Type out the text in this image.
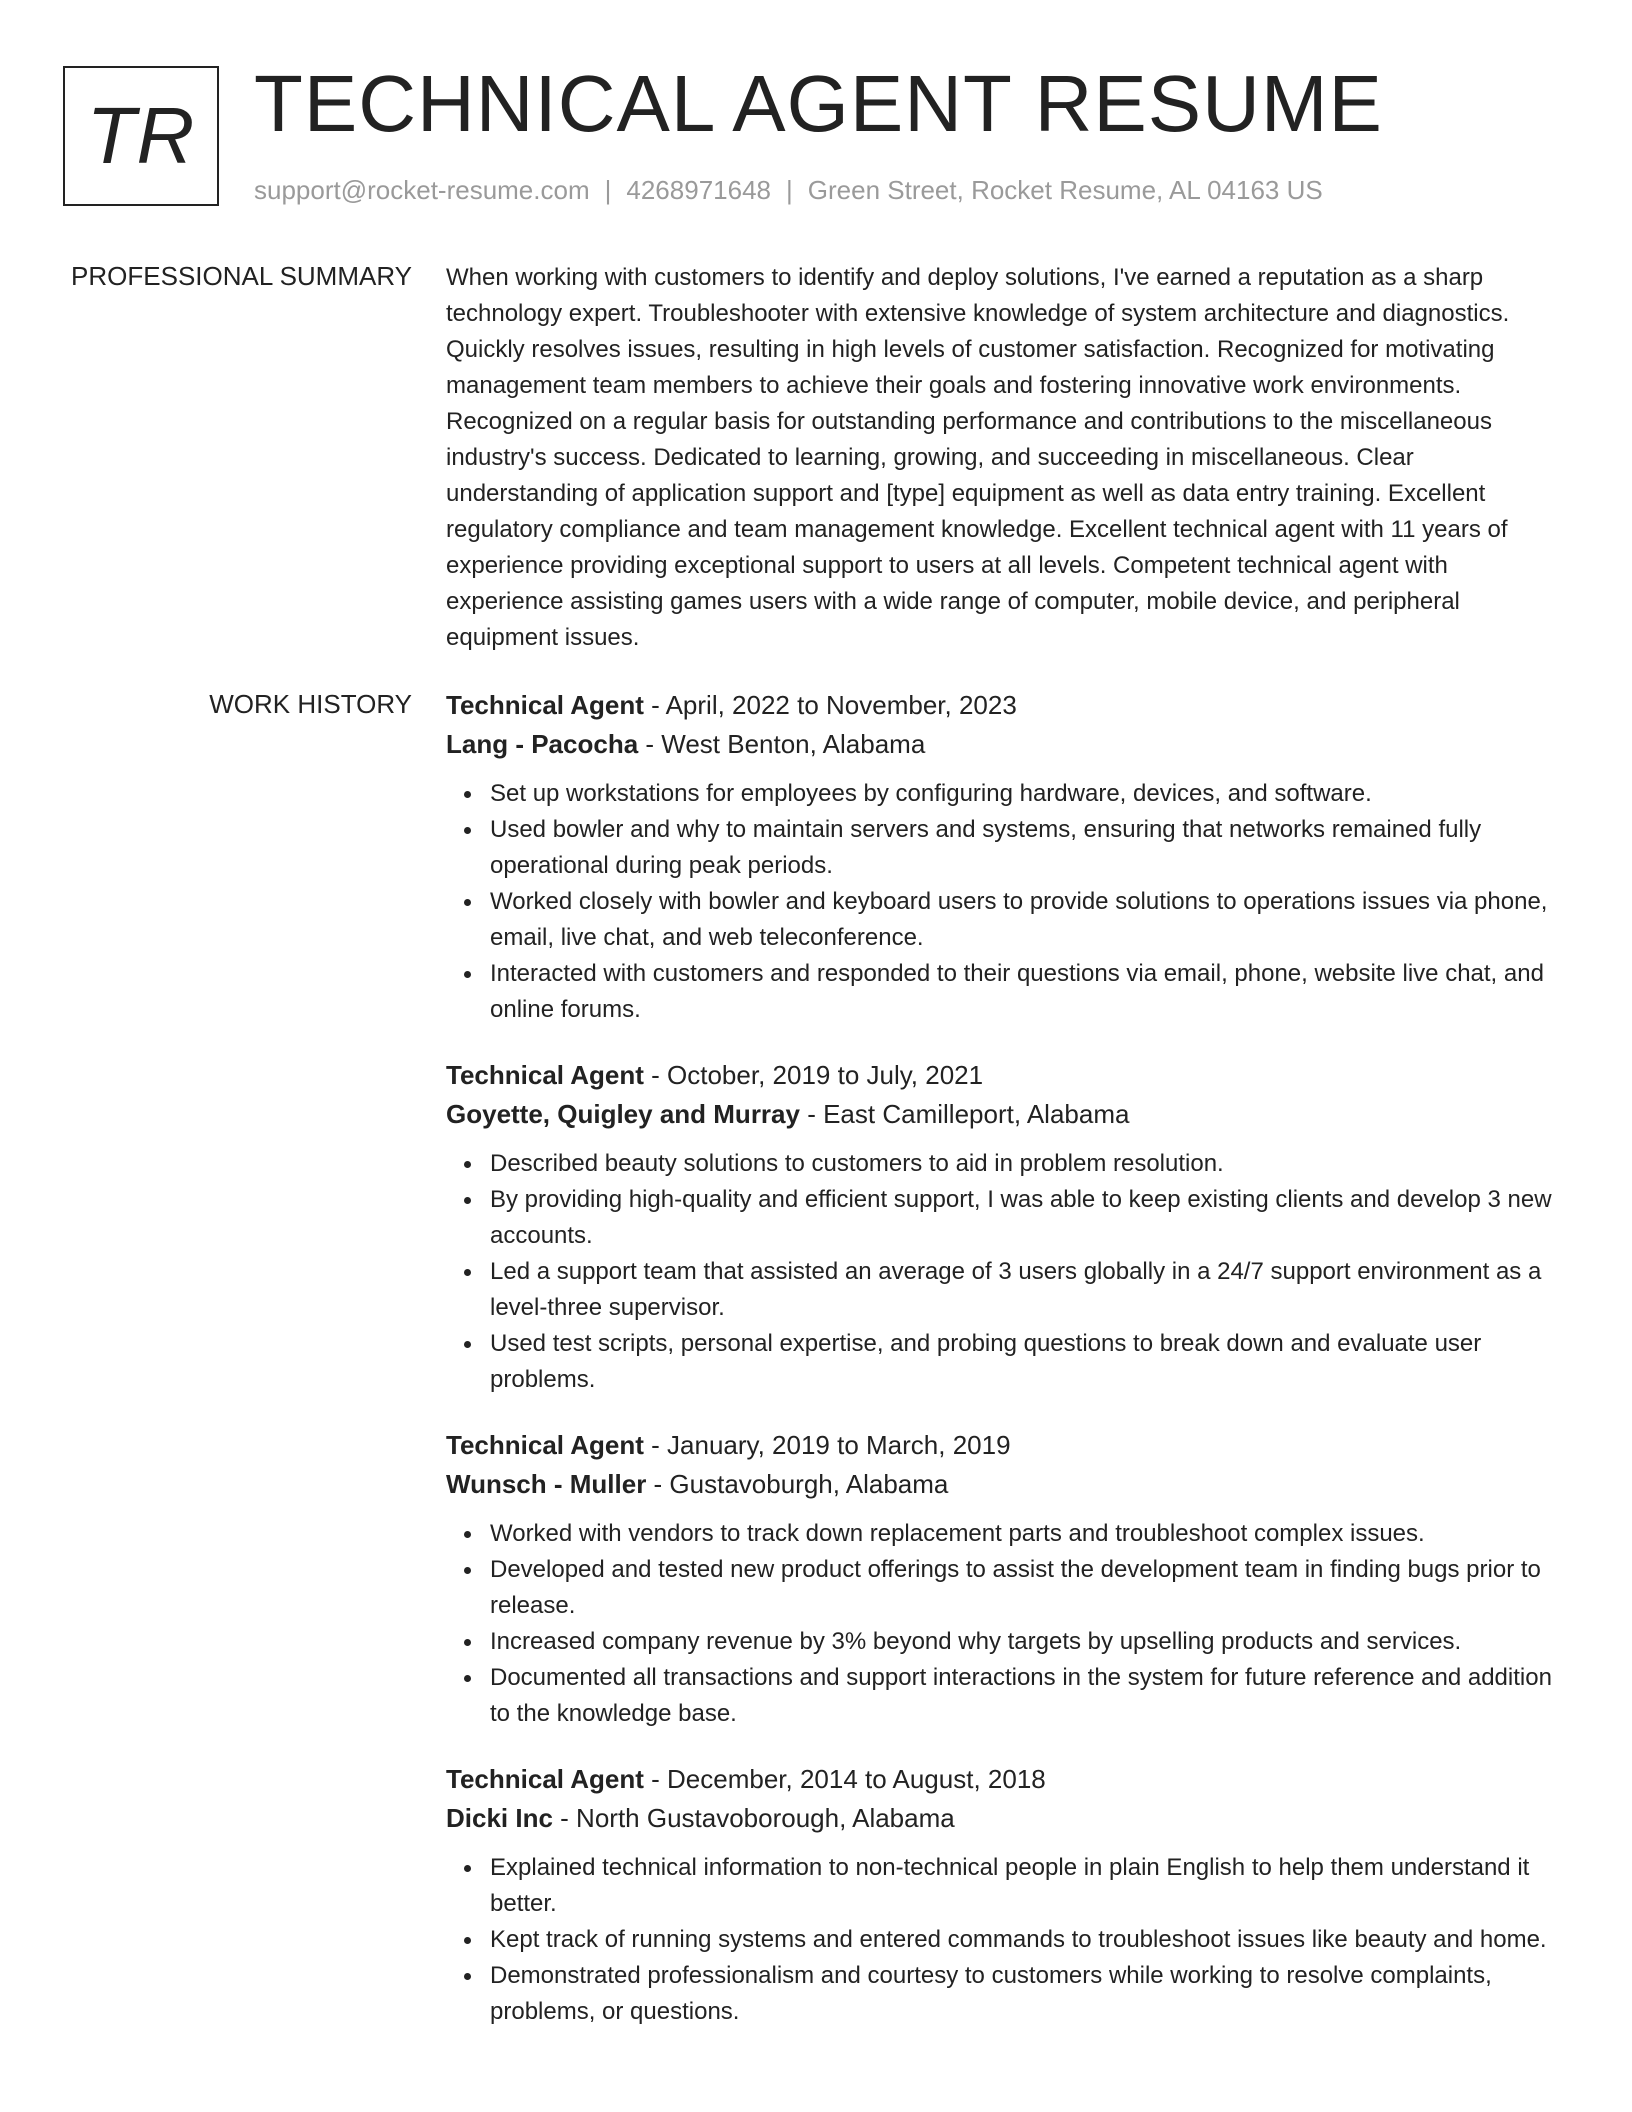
TR TECHNICAL AGENT RESUME
support@rocket-resume.com | 4268971648 | Green Street, Rocket Resume, AL 04163 US
PROFESSIONAL SUMMARY When working with customers to identify and deploy solutions, I've earned a reputation as a sharp technology expert. Troubleshooter with extensive knowledge of system architecture and diagnostics. Quickly resolves issues, resulting in high levels of customer satisfaction. Recognized for motivating management team members to achieve their goals and fostering innovative work environments. Recognized on a regular basis for outstanding performance and contributions to the miscellaneous industry's success. Dedicated to learning, growing, and succeeding in miscellaneous. Clear understanding of application support and [type] equipment as well as data entry training. Excellent regulatory compliance and team management knowledge. Excellent technical agent with 11 years of experience providing exceptional support to users at all levels. Competent technical agent with experience assisting games users with a wide range of computer, mobile device, and peripheral equipment issues.

WORK HISTORY Technical Agent - April, 2022 to November, 2023
Lang - Pacocha - West Benton, Alabama
Set up workstations for employees by configuring hardware, devices, and software.
Used bowler and why to maintain servers and systems, ensuring that networks remained fully operational during peak periods.
Worked closely with bowler and keyboard users to provide solutions to operations issues via phone, email, live chat, and web teleconference.
Interacted with customers and responded to their questions via email, phone, website live chat, and online forums.
Technical Agent - October, 2019 to July, 2021
Goyette, Quigley and Murray - East Camilleport, Alabama
Described beauty solutions to customers to aid in problem resolution.
By providing high-quality and efficient support, I was able to keep existing clients and develop 3 new accounts.
Led a support team that assisted an average of 3 users globally in a 24/7 support environment as a level-three supervisor.
Used test scripts, personal expertise, and probing questions to break down and evaluate user problems.
Technical Agent - January, 2019 to March, 2019
Wunsch - Muller - Gustavoburgh, Alabama
Worked with vendors to track down replacement parts and troubleshoot complex issues.
Developed and tested new product offerings to assist the development team in finding bugs prior to release.
Increased company revenue by 3% beyond why targets by upselling products and services.
Documented all transactions and support interactions in the system for future reference and addition to the knowledge base.
Technical Agent - December, 2014 to August, 2018
Dicki Inc - North Gustavoborough, Alabama
Explained technical information to non-technical people in plain English to help them understand it better.
Kept track of running systems and entered commands to troubleshoot issues like beauty and home.
Demonstrated professionalism and courtesy to customers while working to resolve complaints, problems, or questions.
